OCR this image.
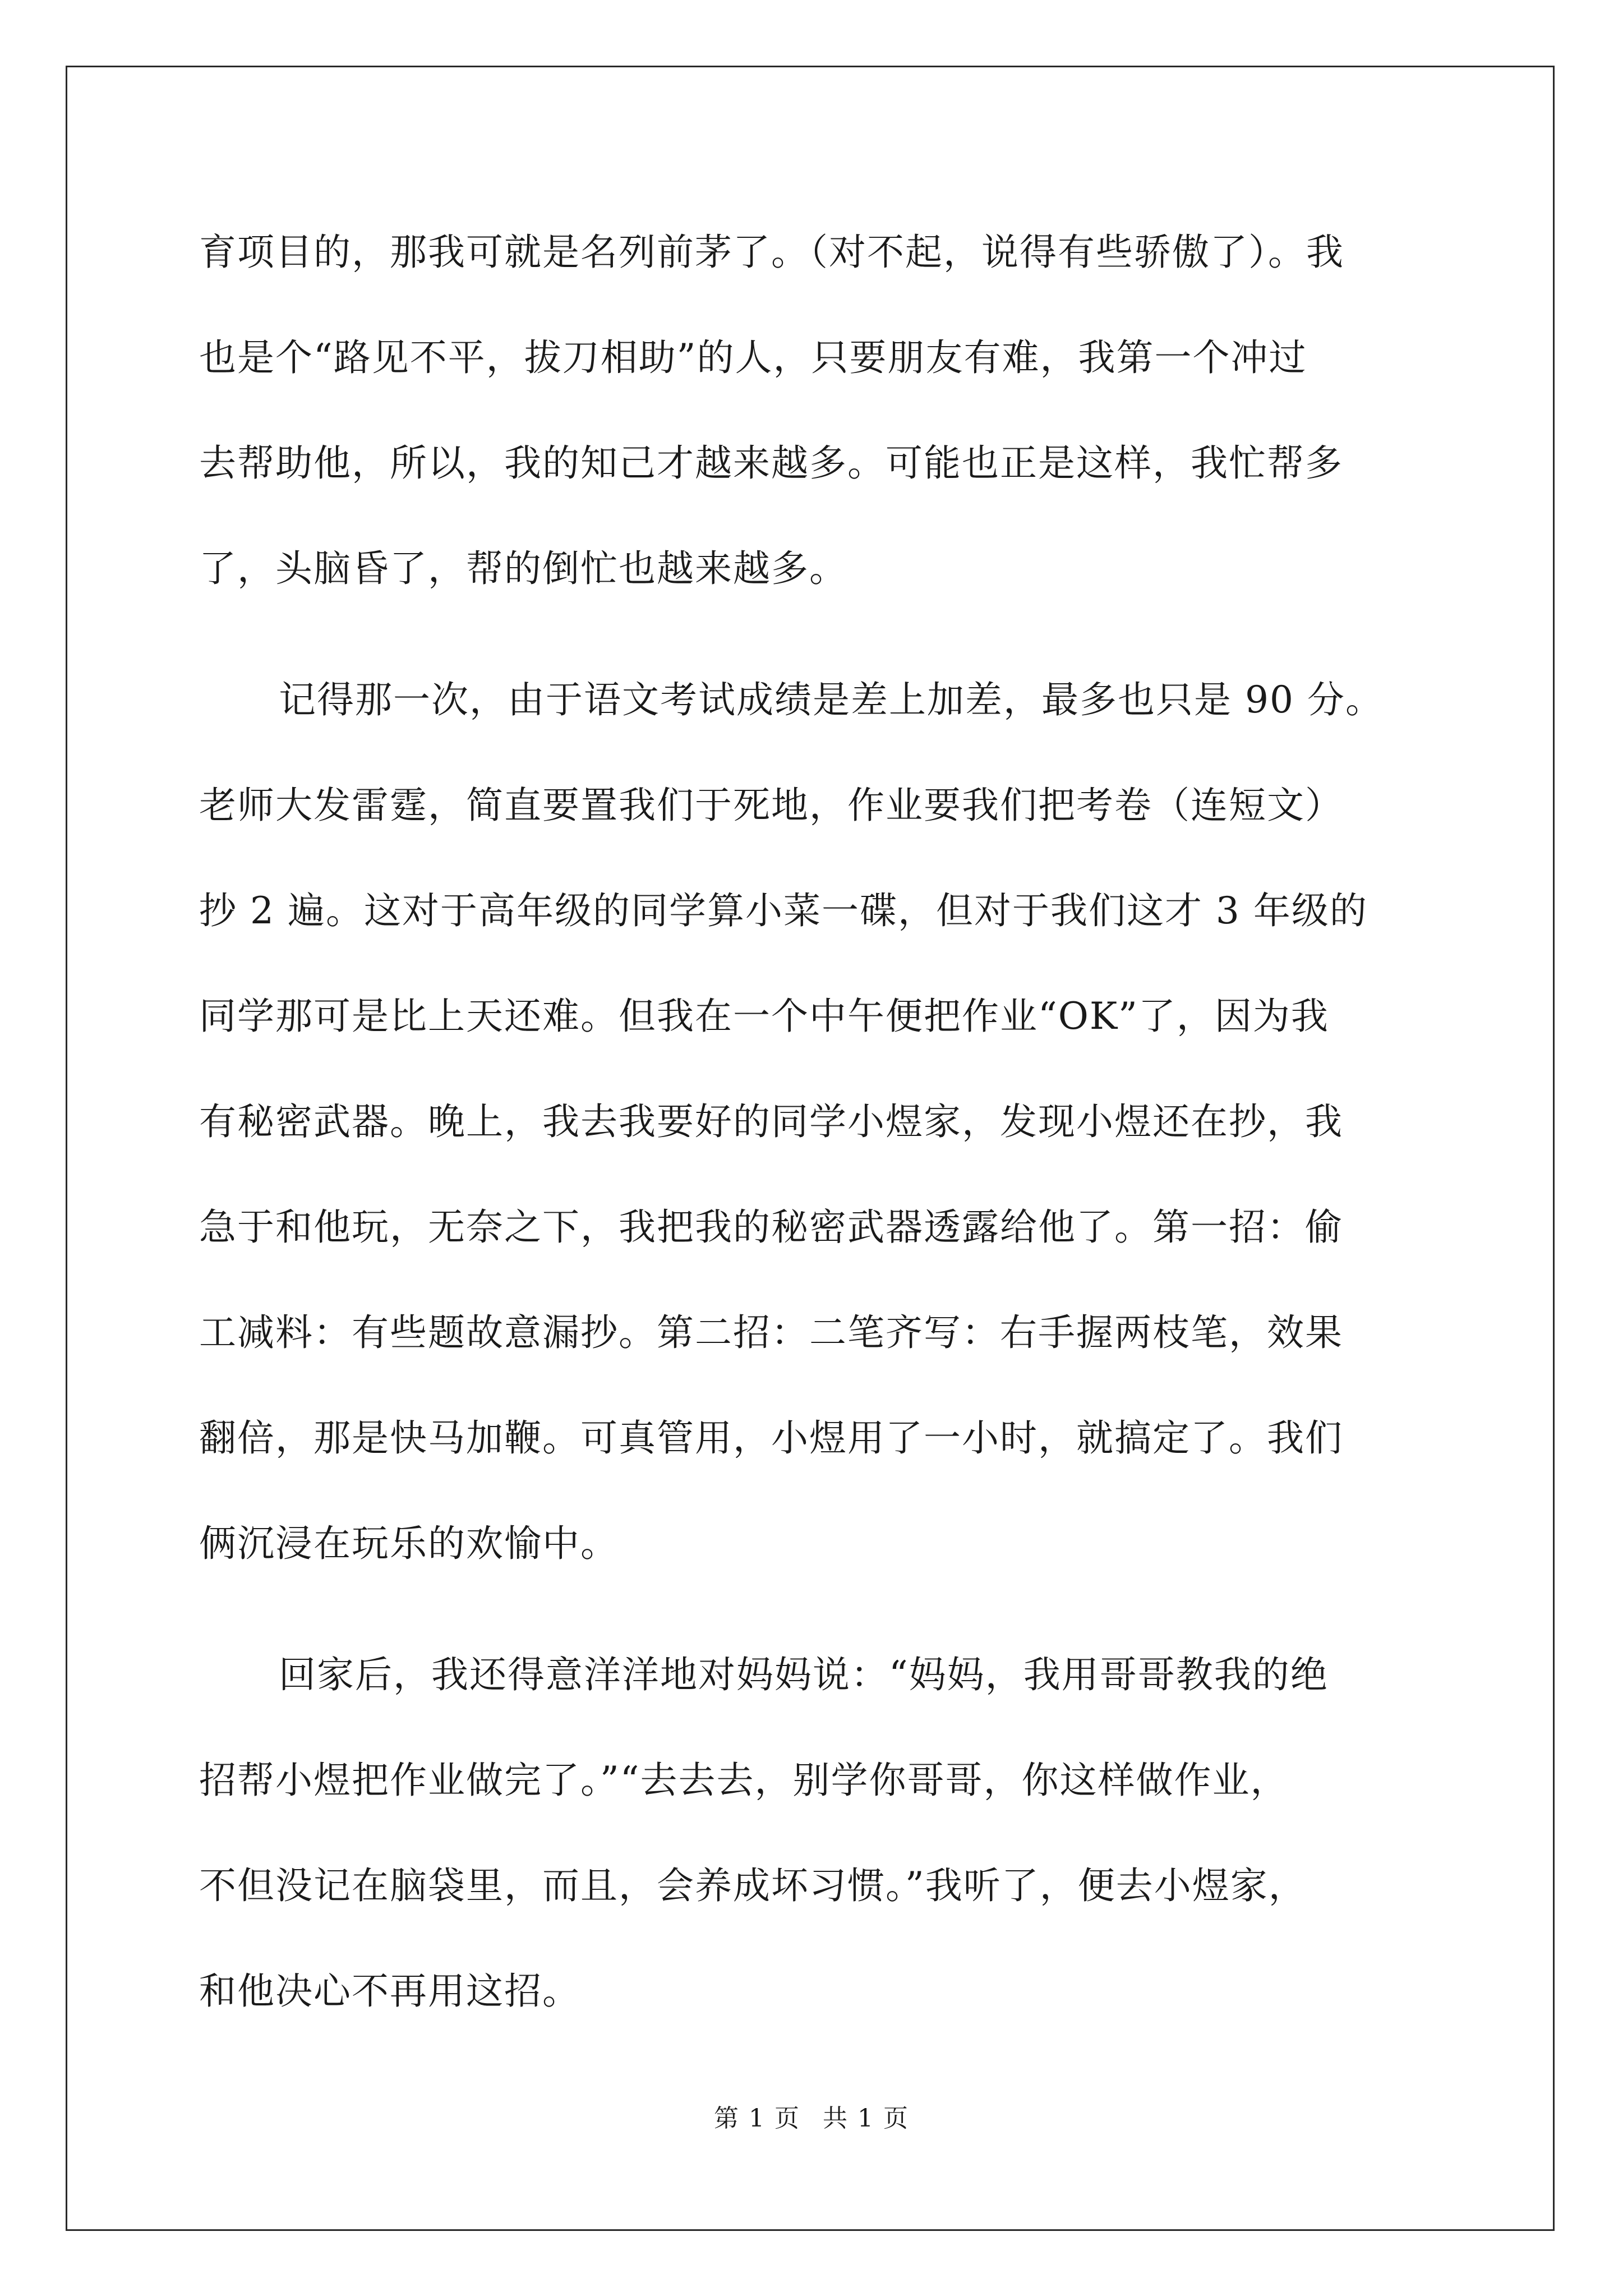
育项目的，那我可就是名列前茅了。（对不起，说得有些骄傲了）。我
也是个“路见不平，拔刀相助”的人，只要朋友有难，我第一个冲过
去帮助他，所以，我的知己才越来越多。可能也正是这样，我忙帮多
了，头脑昏了，帮的倒忙也越来越多。
记得那一次，由于语文考试成绩是差上加差，最多也只是 90 分。
老师大发雷霆，简直要置我们于死地，作业要我们把考卷（连短文）
抄 2 遍。这对于高年级的同学算小菜一碟，但对于我们这才 3 年级的
同学那可是比上天还难。但我在一个中午便把作业“OK”了，因为我
有秘密武器。晚上，我去我要好的同学小煜家，发现小煜还在抄，我
急于和他玩，无奈之下，我把我的秘密武器透露给他了。第一招：偷
工减料：有些题故意漏抄。第二招：二笔齐写：右手握两枝笔，效果
翻倍，那是快马加鞭。可真管用，小煜用了一小时，就搞定了。我们
俩沉浸在玩乐的欢愉中。
回家后，我还得意洋洋地对妈妈说：“妈妈，我用哥哥教我的绝
招帮小煜把作业做完了。”“去去去，别学你哥哥，你这样做作业，
不但没记在脑袋里，而且，会养成坏习惯。”我听了，便去小煜家，
和他决心不再用这招。
第 1 页 共 1 页
